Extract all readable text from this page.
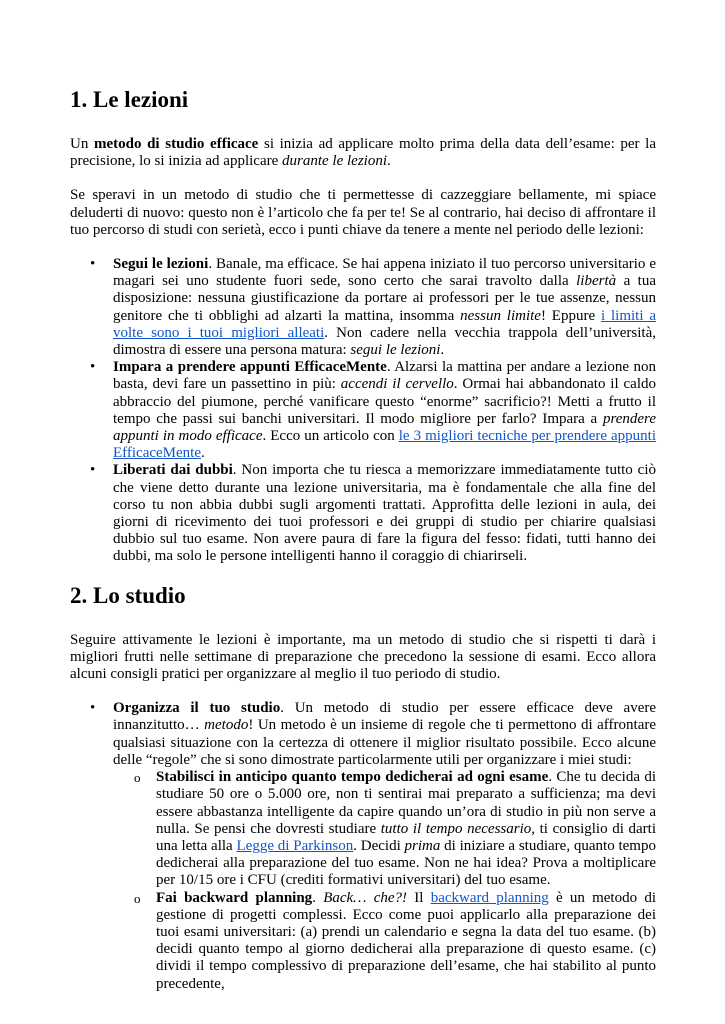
1. Le lezioni

Un metodo di studio efficace si inizia ad applicare molto prima della data dell’esame: per la precisione, lo si inizia ad applicare durante le lezioni.

Se speravi in un metodo di studio che ti permettesse di cazzeggiare bellamente, mi spiace deluderti di nuovo: questo non è l’articolo che fa per te! Se al contrario, hai deciso di affrontare il tuo percorso di studi con serietà, ecco i punti chiave da tenere a mente nel periodo delle lezioni:

• Segui le lezioni. Banale, ma efficace. Se hai appena iniziato il tuo percorso universitario e magari sei uno studente fuori sede, sono certo che sarai travolto dalla libertà a tua disposizione: nessuna giustificazione da portare ai professori per le tue assenze, nessun genitore che ti obblighi ad alzarti la mattina, insomma nessun limite! Eppure i limiti a volte sono i tuoi migliori alleati. Non cadere nella vecchia trappola dell’università, dimostra di essere una persona matura: segui le lezioni.
• Impara a prendere appunti EfficaceMente. Alzarsi la mattina per andare a lezione non basta, devi fare un passettino in più: accendi il cervello. Ormai hai abbandonato il caldo abbraccio del piumone, perché vanificare questo “enorme” sacrificio?! Metti a frutto il tempo che passi sui banchi universitari. Il modo migliore per farlo? Impara a prendere appunti in modo efficace. Ecco un articolo con le 3 migliori tecniche per prendere appunti EfficaceMente.
• Liberati dai dubbi. Non importa che tu riesca a memorizzare immediatamente tutto ciò che viene detto durante una lezione universitaria, ma è fondamentale che alla fine del corso tu non abbia dubbi sugli argomenti trattati. Approfitta delle lezioni in aula, dei giorni di ricevimento dei tuoi professori e dei gruppi di studio per chiarire qualsiasi dubbio sul tuo esame. Non avere paura di fare la figura del fesso: fidati, tutti hanno dei dubbi, ma solo le persone intelligenti hanno il coraggio di chiarirseli.
2. Lo studio

Seguire attivamente le lezioni è importante, ma un metodo di studio che si rispetti ti darà i migliori frutti nelle settimane di preparazione che precedono la sessione di esami. Ecco allora alcuni consigli pratici per organizzare al meglio il tuo periodo di studio.

• Organizza il tuo studio. Un metodo di studio per essere efficace deve avere innanzitutto… metodo! Un metodo è un insieme di regole che ti permettono di affrontare qualsiasi situazione con la certezza di ottenere il miglior risultato possibile. Ecco alcune delle “regole” che si sono dimostrate particolarmente utili per organizzare i miei studi:
o Stabilisci in anticipo quanto tempo dedicherai ad ogni esame. Che tu decida di studiare 50 ore o 5.000 ore, non ti sentirai mai preparato a sufficienza; ma devi essere abbastanza intelligente da capire quando un’ora di studio in più non serve a nulla. Se pensi che dovresti studiare tutto il tempo necessario, ti consiglio di darti una letta alla Legge di Parkinson. Decidi prima di iniziare a studiare, quanto tempo dedicherai alla preparazione del tuo esame. Non ne hai idea? Prova a moltiplicare per 10/15 ore i CFU (crediti formativi universitari) del tuo esame.
o Fai backward planning. Back… che?! Il backward planning è un metodo di gestione di progetti complessi. Ecco come puoi applicarlo alla preparazione dei tuoi esami universitari: (a) prendi un calendario e segna la data del tuo esame. (b) decidi quanto tempo al giorno dedicherai alla preparazione di questo esame. (c) dividi il tempo complessivo di preparazione dell’esame, che hai stabilito al punto precedente,
